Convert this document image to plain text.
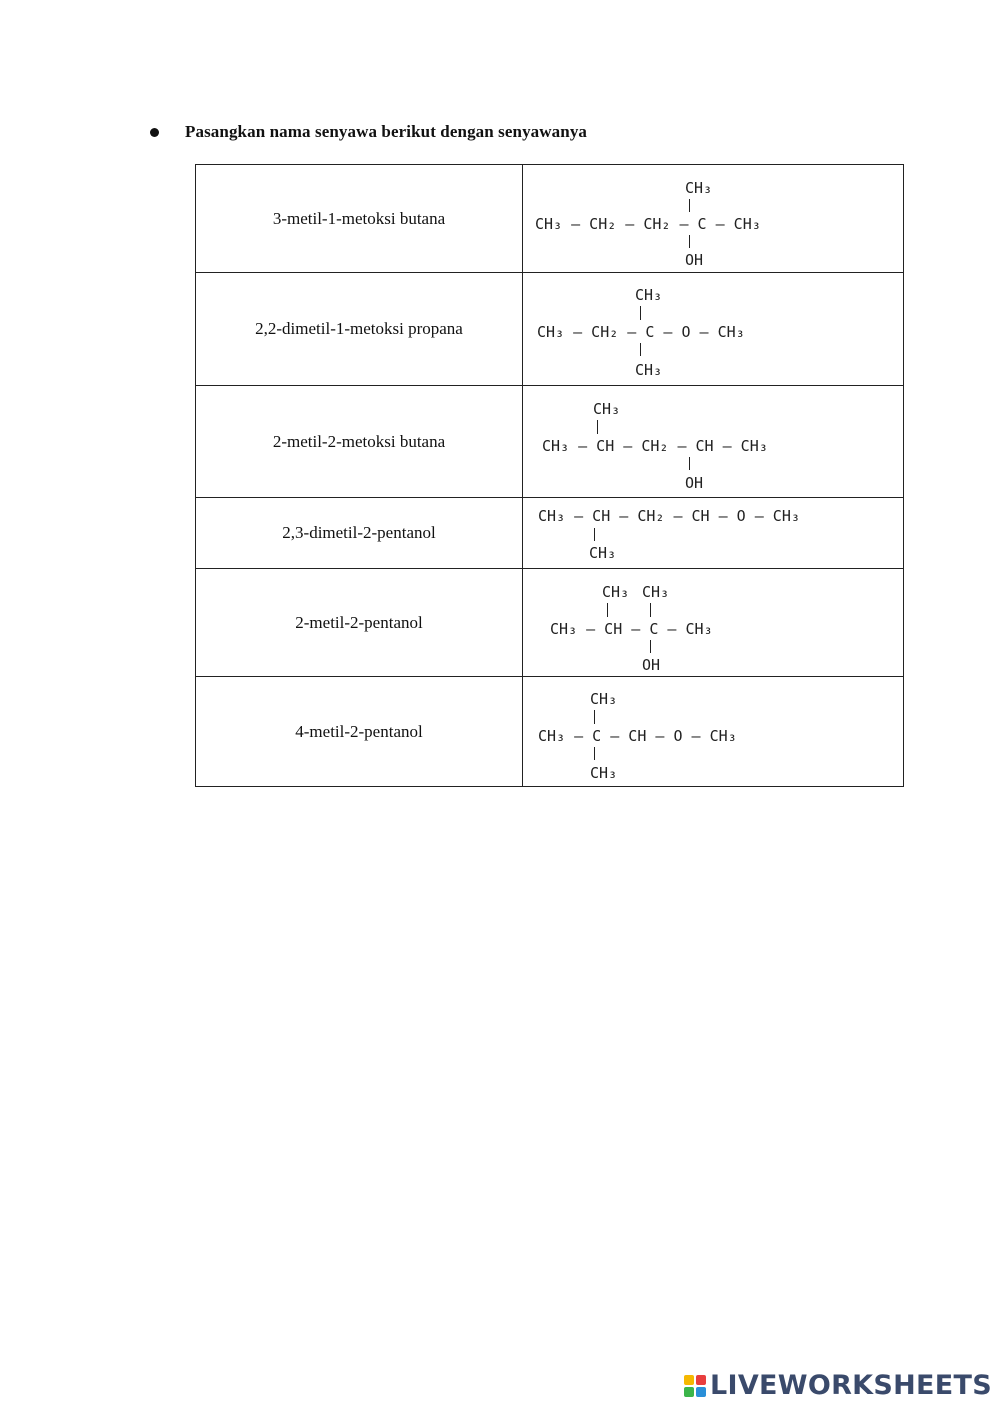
Pasangkan nama senyawa berikut dengan senyawanya
3-metil-1-metoksi butana	CH₃
CH₃ – CH₂ – CH₂ – C – CH₃
OH

2,2-dimetil-1-metoksi propana	CH₃
CH₃ – CH₂ – C – O – CH₃
CH₃

2-metil-2-metoksi butana	CH₃
CH₃ – CH – CH₂ – CH – CH₃
OH

2,3-dimetil-2-pentanol	CH₃ – CH – CH₂ – CH – O – CH₃
CH₃

2-metil-2-pentanol	CH₃ CH₃
CH₃ – CH – C – CH₃
OH

4-metil-2-pentanol	CH₃
CH₃ – C – CH – O – CH₃
CH₃
LIVEWORKSHEETS
